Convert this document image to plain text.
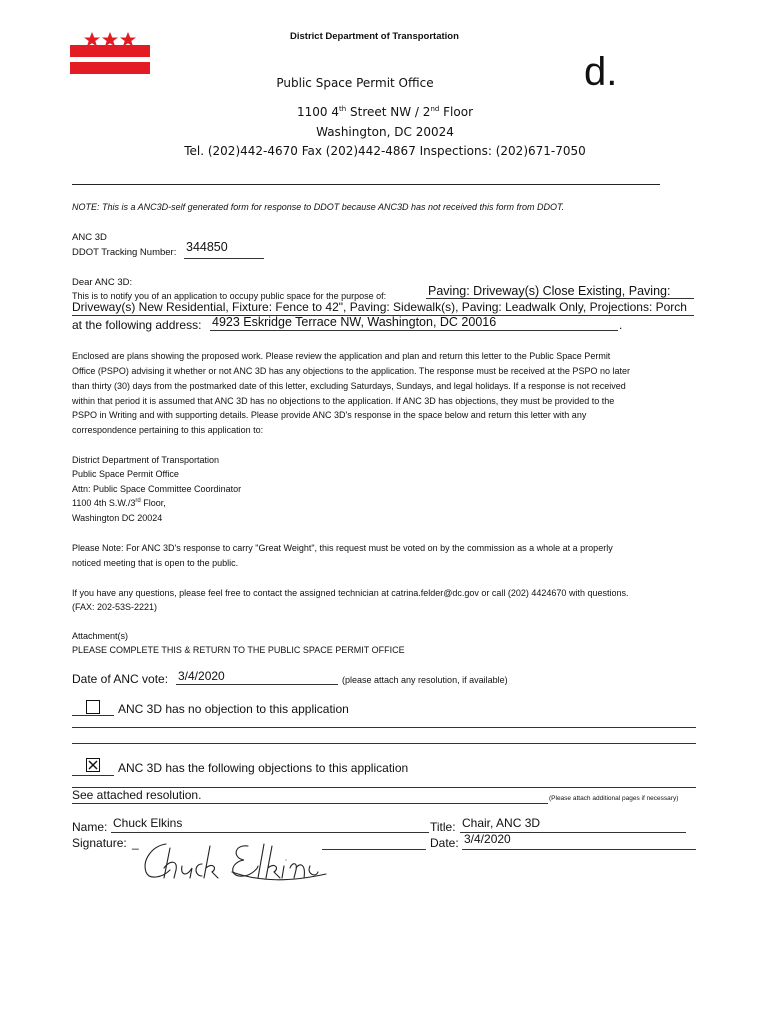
District Department of Transportation
d.
Public Space Permit Office
1100 4th Street NW / 2nd Floor
Washington, DC 20024
Tel. (202)442-4670 Fax (202)442-4867 Inspections: (202)671-7050
NOTE: This is a ANC3D-self generated form for response to DDOT because ANC3D has not received this form from DDOT.
ANC 3D
DDOT Tracking Number: 344850
Dear ANC 3D:
This is to notify you of an application to occupy public space for the purpose of:	Paving: Driveway(s) Close Existing, Paving:
Driveway(s) New Residential, Fixture: Fence to 42", Paving: Sidewalk(s), Paving: Leadwalk Only, Projections: Porch
at the following address: 4923 Eskridge Terrace NW, Washington, DC 20016	.
Enclosed are plans showing the proposed work. Please review the application and plan and return this letter to the Public Space Permit
Office (PSPO) advising it whether or not ANC 3D has any objections to the application. The response must be received at the PSPO no later
than thirty (30) days from the postmarked date of this letter, excluding Saturdays, Sundays, and legal holidays. If a response is not received
within that period it is assumed that ANC 3D has no objections to the application. If ANC 3D has objections, they must be provided to the
PSPO in Writing and with supporting details. Please provide ANC 3D's response in the space below and return this letter with any
correspondence pertaining to this application to:
District Department of Transportation
Public Space Permit Office
Attn: Public Space Committee Coordinator
1100 4th S.W./3rd Floor,
Washington DC 20024
Please Note: For ANC 3D's response to carry "Great Weight", this request must be voted on by the commission as a whole at a properly
noticed meeting that is open to the public.
If you have any questions, please feel free to contact the assigned technician at catrina.felder@dc.gov or call (202) 4424670 with questions.
(FAX: 202-53S-2221)
Attachment(s)
PLEASE COMPLETE THIS & RETURN TO THE PUBLIC SPACE PERMIT OFFICE
Date of ANC vote: 3/4/2020	(please attach any resolution, if available)
ANC 3D has no objection to this application
ANC 3D has the following objections to this application
See attached resolution.	(Please attach additional pages if necessary)
Name: Chuck Elkins	Title: Chair, ANC 3D
Signature: _	Date: 3/4/2020
